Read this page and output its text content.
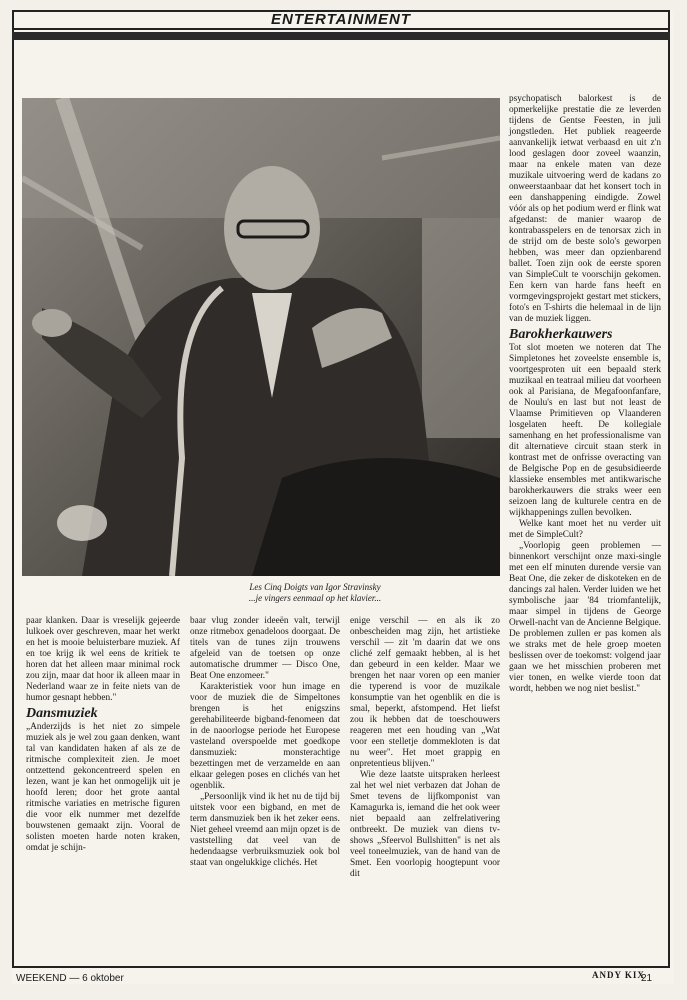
ENTERTAINMENT
Les Cinq Doigts van Igor Stravinsky
...je vingers eenmaal op het klavier...

psychopatisch balorkest is de opmerkelijke prestatie die ze leverden tijdens de Gentse Feesten, in juli jongstleden. Het publiek reageerde aanvankelijk ietwat verbaasd en uit z'n lood geslagen door zoveel waanzin, maar na enkele maten van deze muzikale uitvoering werd de kadans zo onweerstaanbaar dat het konsert toch in een danshappening eindigde. Zowel vóór als op het podium werd er flink wat afgedanst: de manier waarop de kontrabasspelers en de tenorsax zich in de strijd om de beste solo's geworpen hebben, was meer dan opzienbarend ballet. Toen zijn ook de eerste sporen van SimpleCult te voorschijn gekomen. Een kern van harde fans heeft en vormgevingsprojekt gestart met stickers, foto's en T-shirts die helemaal in de lijn van de muziek liggen.

Barokherkauwers

Tot slot moeten we noteren dat The Simpletones het zoveelste ensemble is, voortgesproten uit een bepaald sterk muzikaal en teatraal milieu dat voorheen ook al Parisiana, de Megafoonfanfare, de Noulu's en last but not least de Vlaamse Primitieven op Vlaanderen losgelaten heeft. De kollegiale samenhang en het professionalisme van dit alternatieve circuit staan sterk in kontrast met de onfrisse overacting van de Belgische Pop en de gesubsidieerde klassieke ensembles met antikwarische barokherkauwers die straks weer een seizoen lang de kulturele centra en de wijkhappenings zullen bevolken.

Welke kant moet het nu verder uit met de SimpleCult?

„Voorlopig geen problemen — binnenkort verschijnt onze maxi-single met een elf minuten durende versie van Beat One, die zeker de diskoteken en de dancings zal halen. Verder luiden we het symbolische jaar '84 triomfantelijk, maar simpel in tijdens de George Orwell-nacht van de Ancienne Belgique. De problemen zullen er pas komen als we straks met de hele groep moeten beslissen over de toekomst: volgend jaar gaan we het misschien proberen met vier tonen, en welke vierde toon dat wordt, hebben we nog niet beslist."

paar klanken. Daar is vreselijk gejeerde lulkoek over geschreven, maar het werkt en het is mooie beluisterbare muziek. Af en toe krijg ik wel eens de kritiek te horen dat het alleen maar minimal rock zou zijn, maar dat hoor ik alleen maar in Nederland waar ze in feite niets van de humor gesnapt hebben."

Dansmuziek

„Anderzijds is het niet zo simpele muziek als je wel zou gaan denken, want tal van kandidaten haken af als ze de ritmische complexiteit zien. Je moet ontzettend gekoncentreerd spelen en lezen, want je kan het onmogelijk uit je hoofd leren; door het grote aantal ritmische variaties en metrische figuren die voor elk nummer met dezelfde bouwstenen gemaakt zijn. Vooral de solisten moeten harde noten kraken, omdat je schijn-

baar vlug zonder ideeën valt, terwijl onze ritmebox genadeloos doorgaat. De titels van de tunes zijn trouwens afgeleid van de toetsen op onze automatische drummer — Disco One, Beat One enzomeer."

Karakteristiek voor hun image en voor de muziek die de Simpeltones brengen is het enigszins gerehabiliteerde bigband-fenomeen dat in de naoorlogse periode het Europese vasteland overspoelde met goedkope dansmuziek: monsterachtige bezettingen met de verzamelde en aan elkaar gelegen poses en clichés van het ogenblik.

„Persoonlijk vind ik het nu de tijd bij uitstek voor een bigband, en met de term dansmuziek ben ik het zeker eens. Niet geheel vreemd aan mijn opzet is de vaststelling dat veel van de hedendaagse verbruiksmuziek ook bol staat van ongelukkige clichés. Het

enige verschil — en als ik zo onbescheiden mag zijn, het artistieke verschil — zit 'm daarin dat we ons cliché zelf gemaakt hebben, al is het dan gebeurd in een kelder. Maar we brengen het naar voren op een manier die typerend is voor de muzikale konsumptie van het ogenblik en die is smal, beperkt, afstompend. Het liefst zou ik hebben dat de toeschouwers reageren met een houding van „Wat voor een stelletje dommekloten is dat nu weer". Het moet grappig en onpretentieus blijven."

Wie deze laatste uitspraken herleest zal het wel niet verbazen dat Johan de Smet tevens de lijfkomponist van Kamagurka is, iemand die het ook weer niet bepaald aan zelfrelativering ontbreekt. De muziek van diens tv-shows „Sfeervol Bullshitten" is net als veel toneelmuziek, van de hand van de Smet. Een voorlopig hoogtepunt voor dit

ANDY KIX
WEEKEND — 6 oktober	21
